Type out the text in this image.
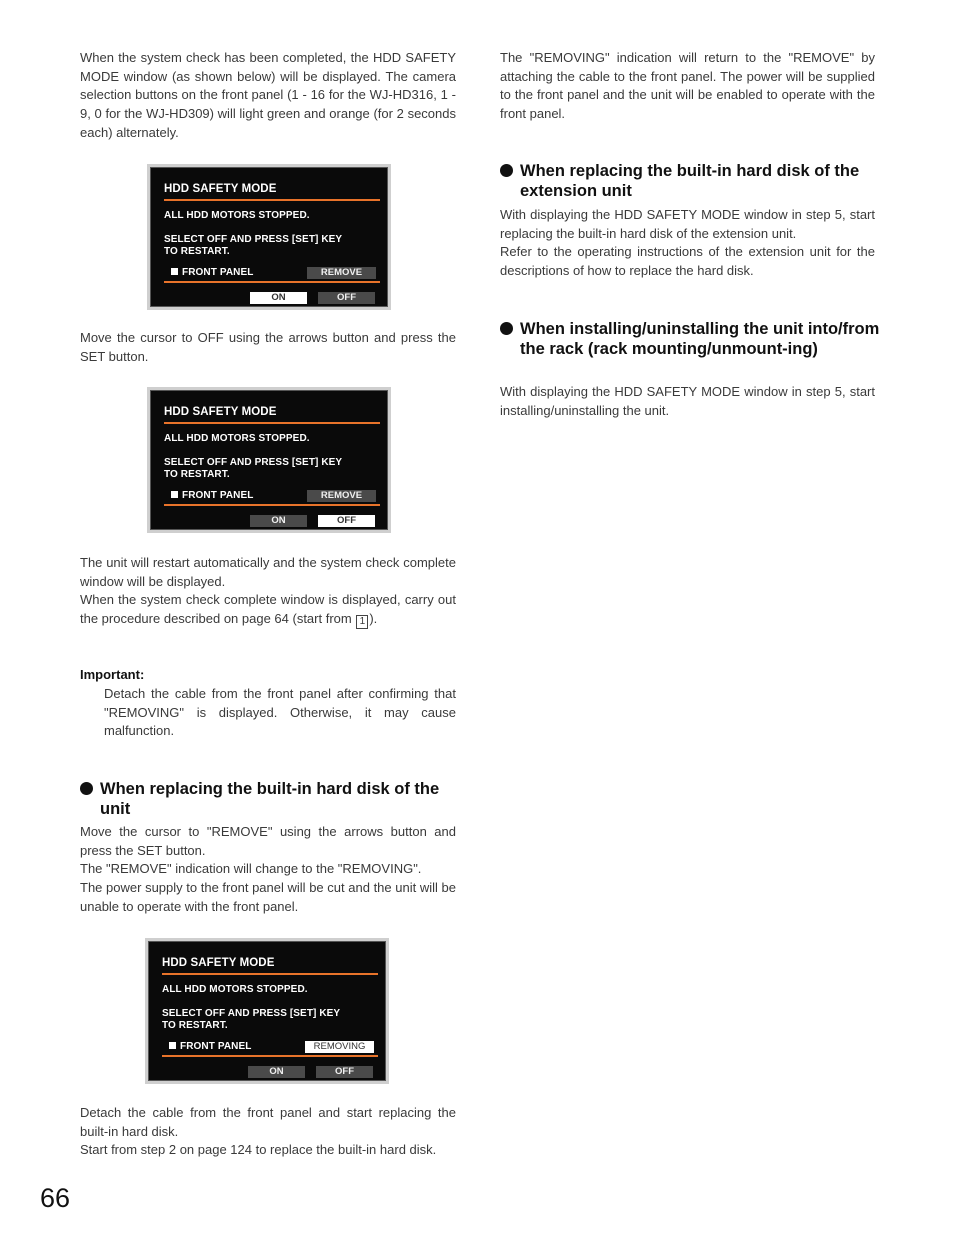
When the system check has been completed, the HDD SAFETY MODE window (as shown below) will be displayed. The camera selection buttons on the front panel (1 - 16 for the WJ-HD316, 1 - 9, 0 for the WJ-HD309) will light green and orange (for 2 seconds each) alternately.

HDD SAFETY MODE
ALL HDD MOTORS STOPPED.
SELECT OFF AND PRESS [SET] KEY
TO RESTART.
FRONT PANEL	REMOVE
ON	OFF

Move the cursor to OFF using the arrows button and press the SET button.

HDD SAFETY MODE
ALL HDD MOTORS STOPPED.
SELECT OFF AND PRESS [SET] KEY
TO RESTART.
FRONT PANEL	REMOVE
ON	OFF

The unit will restart automatically and the system check complete window will be displayed.

When the system check complete window is displayed, carry out the procedure described on page 64 (start from 1 ).

Important:

Detach the cable from the front panel after confirming that "REMOVING" is displayed. Otherwise, it may cause malfunction.

When replacing the built-in hard disk of the unit

Move the cursor to "REMOVE" using the arrows button and press the SET button.

The "REMOVE" indication will change to the "REMOVING".

The power supply to the front panel will be cut and the unit will be unable to operate with the front panel.

HDD SAFETY MODE
ALL HDD MOTORS STOPPED.
SELECT OFF AND PRESS [SET] KEY
TO RESTART.
FRONT PANEL	REMOVING
ON	OFF

Detach the cable from the front panel and start replacing the built-in hard disk.

Start from step 2 on page 124 to replace the built-in hard disk.

The "REMOVING" indication will return to the "REMOVE" by attaching the cable to the front panel. The power will be supplied to the front panel and the unit will be enabled to operate with the front panel.

When replacing the built-in hard disk of the extension unit

With displaying the HDD SAFETY MODE window in step 5, start replacing the built-in hard disk of the extension unit.

Refer to the operating instructions of the extension unit for the descriptions of how to replace the hard disk.

When installing/uninstalling the unit into/from the rack (rack mounting/unmount-ing)

With displaying the HDD SAFETY MODE window in step 5, start installing/uninstalling the unit.

66
